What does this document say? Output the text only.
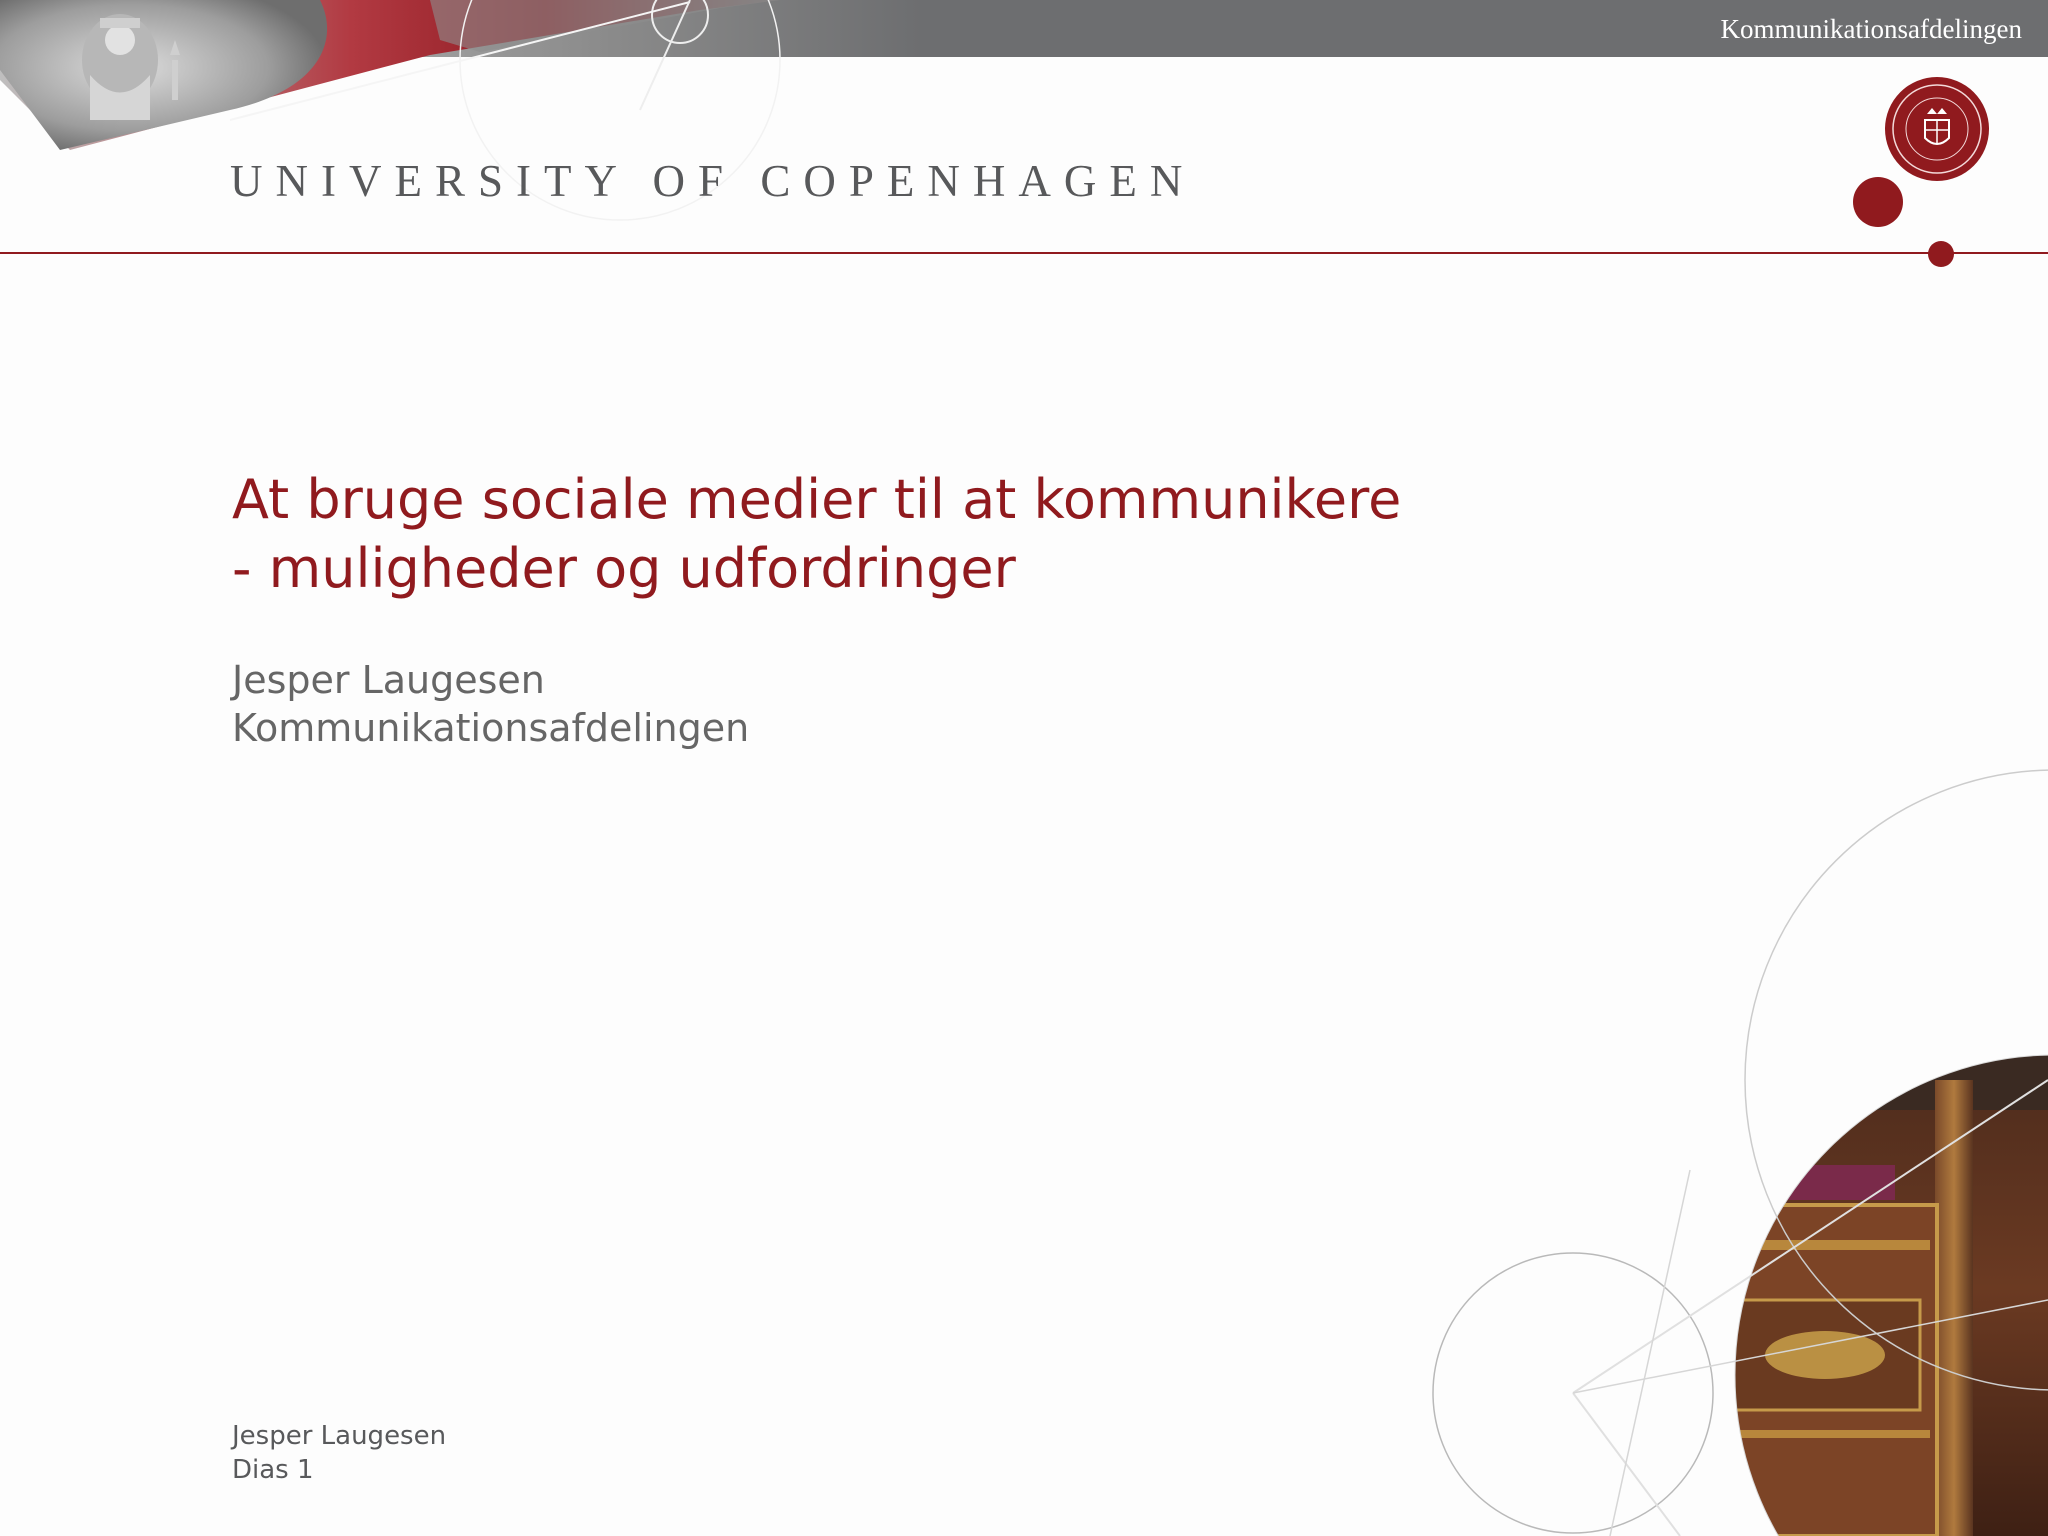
Kommunikationsafdelingen
UNIVERSITY OF COPENHAGEN
At bruge sociale medier til at kommunikere
- muligheder og udfordringer
Jesper Laugesen
Kommunikationsafdelingen
Jesper Laugesen
Dias 1
